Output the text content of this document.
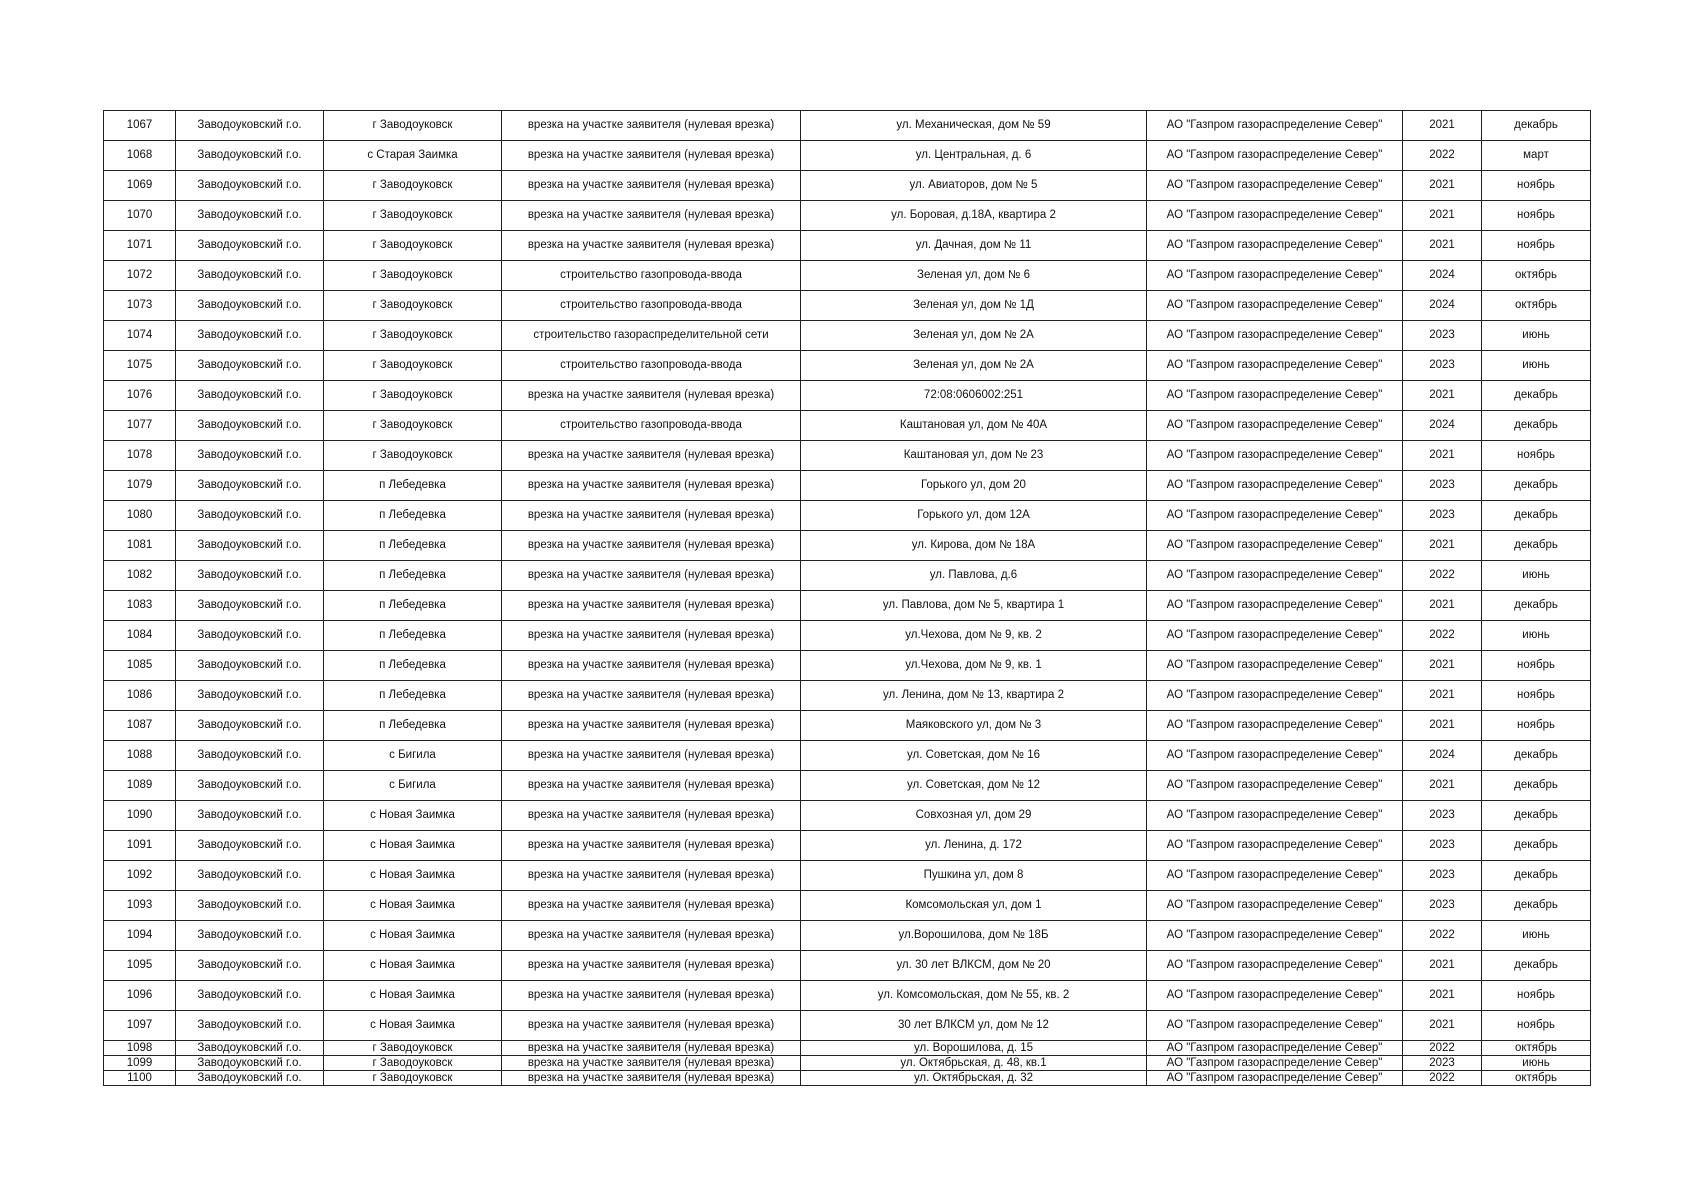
1067	Заводоуковский г.о.	г Заводоуковск	врезка на участке заявителя (нулевая врезка)	ул. Механическая, дом № 59	АО "Газпром газораспределение Север"	2021	декабрь
1068	Заводоуковский г.о.	с Старая Заимка	врезка на участке заявителя (нулевая врезка)	ул. Центральная, д. 6	АО "Газпром газораспределение Север"	2022	март
1069	Заводоуковский г.о.	г Заводоуковск	врезка на участке заявителя (нулевая врезка)	ул. Авиаторов, дом № 5	АО "Газпром газораспределение Север"	2021	ноябрь
1070	Заводоуковский г.о.	г Заводоуковск	врезка на участке заявителя (нулевая врезка)	ул. Боровая, д.18А, квартира 2	АО "Газпром газораспределение Север"	2021	ноябрь
1071	Заводоуковский г.о.	г Заводоуковск	врезка на участке заявителя (нулевая врезка)	ул. Дачная, дом № 11	АО "Газпром газораспределение Север"	2021	ноябрь
1072	Заводоуковский г.о.	г Заводоуковск	строительство газопровода-ввода	Зеленая ул, дом № 6	АО "Газпром газораспределение Север"	2024	октябрь
1073	Заводоуковский г.о.	г Заводоуковск	строительство газопровода-ввода	Зеленая ул, дом № 1Д	АО "Газпром газораспределение Север"	2024	октябрь
1074	Заводоуковский г.о.	г Заводоуковск	строительство газораспределительной сети	Зеленая ул, дом № 2А	АО "Газпром газораспределение Север"	2023	июнь
1075	Заводоуковский г.о.	г Заводоуковск	строительство газопровода-ввода	Зеленая ул, дом № 2А	АО "Газпром газораспределение Север"	2023	июнь
1076	Заводоуковский г.о.	г Заводоуковск	врезка на участке заявителя (нулевая врезка)	72:08:0606002:251	АО "Газпром газораспределение Север"	2021	декабрь
1077	Заводоуковский г.о.	г Заводоуковск	строительство газопровода-ввода	Каштановая ул, дом № 40А	АО "Газпром газораспределение Север"	2024	декабрь
1078	Заводоуковский г.о.	г Заводоуковск	врезка на участке заявителя (нулевая врезка)	Каштановая ул, дом № 23	АО "Газпром газораспределение Север"	2021	ноябрь
1079	Заводоуковский г.о.	п Лебедевка	врезка на участке заявителя (нулевая врезка)	Горького ул, дом 20	АО "Газпром газораспределение Север"	2023	декабрь
1080	Заводоуковский г.о.	п Лебедевка	врезка на участке заявителя (нулевая врезка)	Горького ул, дом 12А	АО "Газпром газораспределение Север"	2023	декабрь
1081	Заводоуковский г.о.	п Лебедевка	врезка на участке заявителя (нулевая врезка)	ул. Кирова, дом № 18А	АО "Газпром газораспределение Север"	2021	декабрь
1082	Заводоуковский г.о.	п Лебедевка	врезка на участке заявителя (нулевая врезка)	ул. Павлова, д.6	АО "Газпром газораспределение Север"	2022	июнь
1083	Заводоуковский г.о.	п Лебедевка	врезка на участке заявителя (нулевая врезка)	ул. Павлова, дом № 5, квартира 1	АО "Газпром газораспределение Север"	2021	декабрь
1084	Заводоуковский г.о.	п Лебедевка	врезка на участке заявителя (нулевая врезка)	ул.Чехова, дом № 9, кв. 2	АО "Газпром газораспределение Север"	2022	июнь
1085	Заводоуковский г.о.	п Лебедевка	врезка на участке заявителя (нулевая врезка)	ул.Чехова, дом № 9, кв. 1	АО "Газпром газораспределение Север"	2021	ноябрь
1086	Заводоуковский г.о.	п Лебедевка	врезка на участке заявителя (нулевая врезка)	ул. Ленина, дом № 13, квартира 2	АО "Газпром газораспределение Север"	2021	ноябрь
1087	Заводоуковский г.о.	п Лебедевка	врезка на участке заявителя (нулевая врезка)	Маяковского ул, дом № 3	АО "Газпром газораспределение Север"	2021	ноябрь
1088	Заводоуковский г.о.	с Бигила	врезка на участке заявителя (нулевая врезка)	ул. Советская, дом № 16	АО "Газпром газораспределение Север"	2024	декабрь
1089	Заводоуковский г.о.	с Бигила	врезка на участке заявителя (нулевая врезка)	ул. Советская, дом № 12	АО "Газпром газораспределение Север"	2021	декабрь
1090	Заводоуковский г.о.	с Новая Заимка	врезка на участке заявителя (нулевая врезка)	Совхозная ул, дом 29	АО "Газпром газораспределение Север"	2023	декабрь
1091	Заводоуковский г.о.	с Новая Заимка	врезка на участке заявителя (нулевая врезка)	ул. Ленина, д. 172	АО "Газпром газораспределение Север"	2023	декабрь
1092	Заводоуковский г.о.	с Новая Заимка	врезка на участке заявителя (нулевая врезка)	Пушкина ул, дом 8	АО "Газпром газораспределение Север"	2023	декабрь
1093	Заводоуковский г.о.	с Новая Заимка	врезка на участке заявителя (нулевая врезка)	Комсомольская ул, дом 1	АО "Газпром газораспределение Север"	2023	декабрь
1094	Заводоуковский г.о.	с Новая Заимка	врезка на участке заявителя (нулевая врезка)	ул.Ворошилова, дом № 18Б	АО "Газпром газораспределение Север"	2022	июнь
1095	Заводоуковский г.о.	с Новая Заимка	врезка на участке заявителя (нулевая врезка)	ул. 30 лет ВЛКСМ, дом № 20	АО "Газпром газораспределение Север"	2021	декабрь
1096	Заводоуковский г.о.	с Новая Заимка	врезка на участке заявителя (нулевая врезка)	ул. Комсомольская, дом № 55, кв. 2	АО "Газпром газораспределение Север"	2021	ноябрь
1097	Заводоуковский г.о.	с Новая Заимка	врезка на участке заявителя (нулевая врезка)	30 лет ВЛКСМ ул, дом № 12	АО "Газпром газораспределение Север"	2021	ноябрь
1098	Заводоуковский г.о.	г Заводоуковск	врезка на участке заявителя (нулевая врезка)	ул. Ворошилова, д. 15	АО "Газпром газораспределение Север"	2022	октябрь
1099	Заводоуковский г.о.	г Заводоуковск	врезка на участке заявителя (нулевая врезка)	ул. Октябрьская, д. 48, кв.1	АО "Газпром газораспределение Север"	2023	июнь
1100	Заводоуковский г.о.	г Заводоуковск	врезка на участке заявителя (нулевая врезка)	ул. Октябрьская, д. 32	АО "Газпром газораспределение Север"	2022	октябрь
